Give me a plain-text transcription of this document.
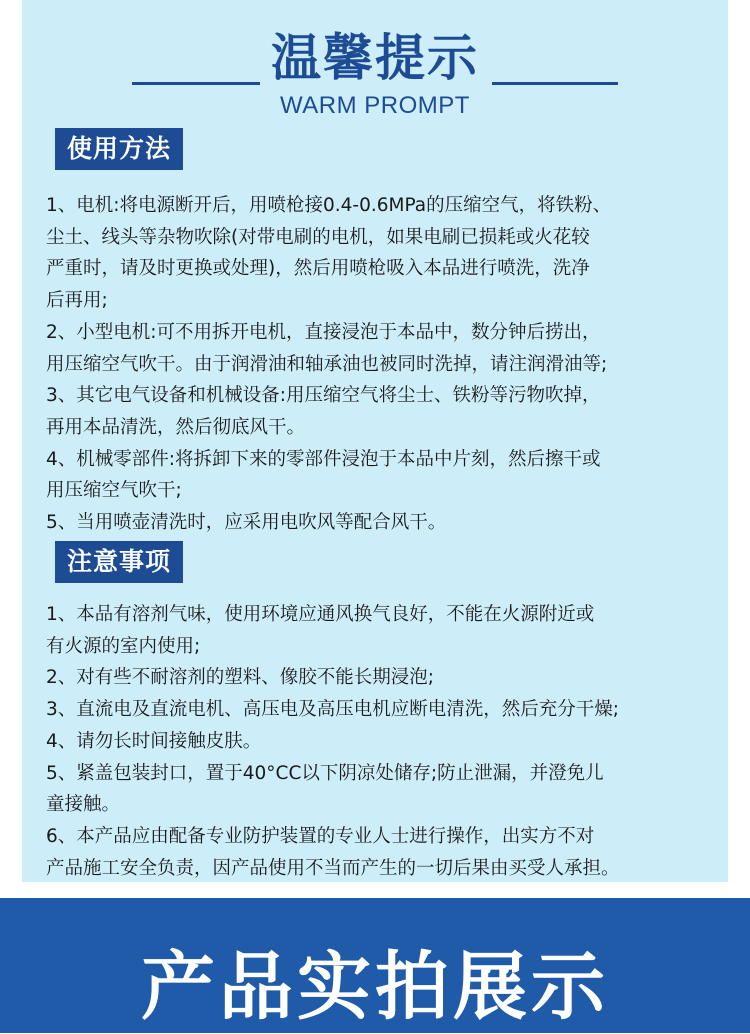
温馨提示
WARM PROMPT
使用方法
1、电机:将电源断开后，用喷枪接0.4-0.6MPa的压缩空气，将铁粉、
尘土、线头等杂物吹除(对带电刷的电机，如果电刷已损耗或火花较
严重时，请及时更换或处理)，然后用喷枪吸入本品进行喷洗，洗净
后再用;
2、小型电机:可不用拆开电机，直接浸泡于本品中，数分钟后捞出，
用压缩空气吹干。由于润滑油和轴承油也被同时洗掉，请注润滑油等;
3、其它电气设备和机械设备:用压缩空气将尘士、铁粉等污物吹掉，
再用本品清洗，然后彻底风干。
4、机械零部件:将拆卸下来的零部件浸泡于本品中片刻，然后擦干或
用压缩空气吹干;
5、当用喷壶清洗时，应采用电吹风等配合风干。
注意事项
1、本品有溶剂气味，使用环境应通风换气良好，不能在火源附近或
有火源的室内使用;
2、对有些不耐溶剂的塑料、像胶不能长期浸泡;
3、直流电及直流电机、高压电及高压电机应断电清洗，然后充分干燥;
4、请勿长时间接触皮肤。
5、紧盖包装封口，置于40°CC以下阴凉处储存;防止泄漏，并澄免儿
童接触。
6、本产品应由配备专业防护装置的专业人士进行操作，出实方不对
产品施工安全负责，因产品使用不当而产生的一切后果由买受人承担。
产品实拍展示
